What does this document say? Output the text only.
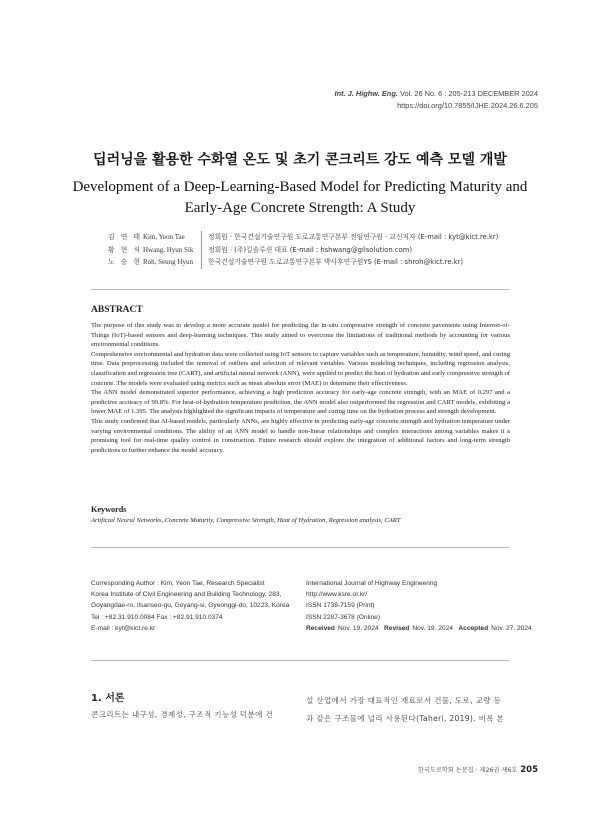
Int. J. Highw. Eng. Vol. 26 No. 6 : 205-213 DECEMBER 2024
https://doi.org/10.7855/IJHE.2024.26.6.205
딥러닝을 활용한 수화열 온도 및 초기 콘크리트 강도 예측 모델 개발
Development of a Deep-Learning-Based Model for Predicting Maturity and
Early-Age Concrete Strength: A Study
김 연 태 Kim, Yeon Tae	정회원 · 한국건설기술연구원 도로교통연구본부 전임연구원 · 교신저자 (E-mail : kyt@kict.re.kr)
황 현 식 Hwang, Hyun Sik	정회원 · (주)길솔루션 대표 (E-mail : hshwang@gilsolution.com)
노 승 현 Roh, Seung Hyun	한국건설기술연구원 도로교통연구본부 박사후연구원YS (E-mail : shroh@kict.re.kr)
ABSTRACT

The purpose of this study was to develop a more accurate model for predicting the in-situ compressive strength of concrete pavements using Internet-of-Things (IoT)-based sensors and deep-learning techniques. This study aimed to overcome the limitations of traditional methods by accounting for various environmental conditions.

Comprehensive environmental and hydration data were collected using IoT sensors to capture variables such as temperature, humidity, wind speed, and curing time. Data preprocessing included the removal of outliers and selection of relevant variables. Various modeling techniques, including regression analysis, classification and regression tree (CART), and artificial neural network (ANN), were applied to predict the heat of hydration and early compressive strength of concrete. The models were evaluated using metrics such as mean absolute error (MAE) to determine their effectiveness.

The ANN model demonstrated superior performance, achieving a high prediction accuracy for early-age concrete strength, with an MAE of 0.297 and a predictive accuracy of 99.8%. For heat-of-hydration temperature prediction, the ANN model also outperformed the regression and CART models, exhibiting a lower MAE of 1.395. The analysis highlighted the significant impacts of temperature and curing time on the hydration process and strength development.

This study confirmed that AI-based models, particularly ANNs, are highly effective in predicting early-age concrete strength and hydration temperature under varying environmental conditions. The ability of an ANN model to handle non-linear relationships and complex interactions among variables makes it a promising tool for real-time quality control in construction. Future research should explore the integration of additional factors and long-term strength predictions to further enhance the model accuracy.

Keywords
Artificial Neural Networks, Concrete Maturity, Compressive Strength, Heat of Hydration, Regression analysis, CART
Corresponding Author : Kim, Yeon Tae, Research Specialist
Korea Institute of Civil Engineering and Building Technology, 283,
Goyangdae-ro, Ilsanseo-gu, Goyang-si, Gyeonggi-do, 10223, Korea
Tel : +82.31.910.0084 Fax : +82.91.910.0374
E-mail : kyt@kict.re.kr
International Journal of Highway Engineering
http://www.ksre.or.kr/
ISSN 1738-7159 (Print)
ISSN 2287-3678 (Online)
Received Nov. 19. 2024 Revised Nov. 19. 2024 Accepted Nov. 27. 2024
1. 서론
콘크리트는 내구성, 경제성, 구조적 기능성 덕분에 건
설 산업에서 가장 대표적인 재료로서 건물, 도로, 교량 등
과 같은 구조물에 널리 사용된다(Taheri, 2019). 비록 본
한국도로학회 논문집 · 제26권 제6호 205
